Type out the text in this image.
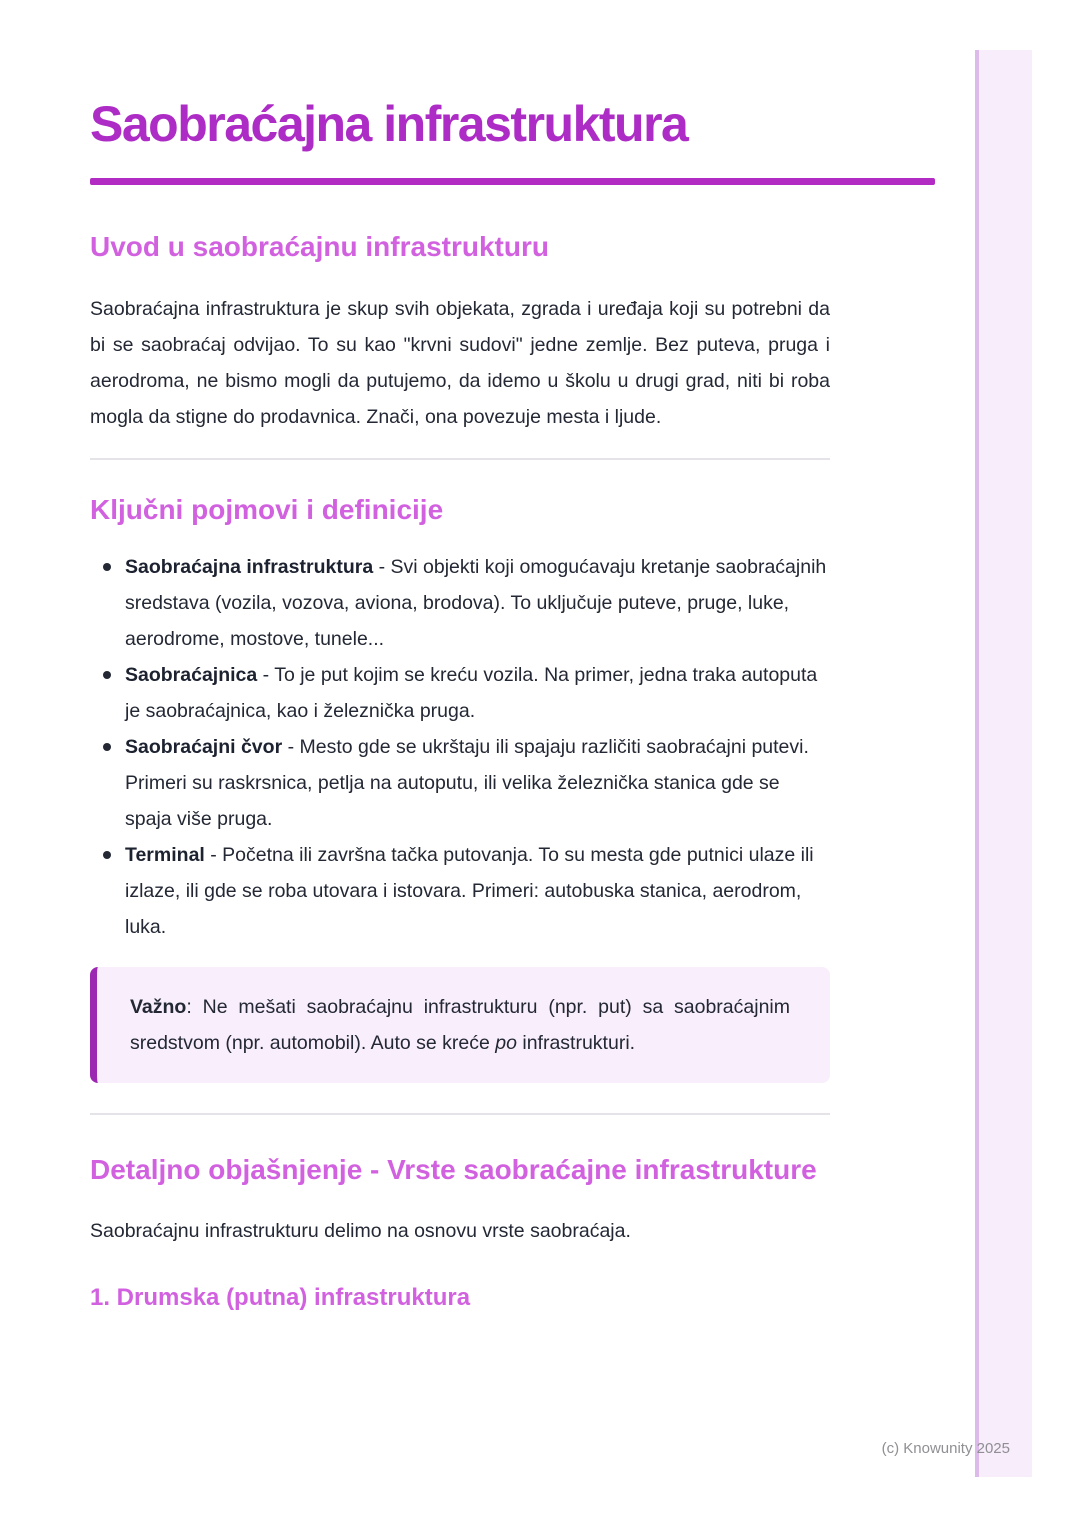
Saobraćajna infrastruktura
Uvod u saobraćajnu infrastrukturu

Saobraćajna infrastruktura je skup svih objekata, zgrada i uređaja koji su potrebni da bi se saobraćaj odvijao. To su kao "krvni sudovi" jedne zemlje. Bez puteva, pruga i aerodroma, ne bismo mogli da putujemo, da idemo u školu u drugi grad, niti bi roba mogla da stigne do prodavnica. Znači, ona povezuje mesta i ljude.

Ključni pojmovi i definicije
Saobraćajna infrastruktura - Svi objekti koji omogućavaju kretanje saobraćajnih sredstava (vozila, vozova, aviona, brodova). To uključuje puteve, pruge, luke, aerodrome, mostove, tunele...
Saobraćajnica - To je put kojim se kreću vozila. Na primer, jedna traka autoputa je saobraćajnica, kao i železnička pruga.
Saobraćajni čvor - Mesto gde se ukrštaju ili spajaju različiti saobraćajni putevi. Primeri su raskrsnica, petlja na autoputu, ili velika železnička stanica gde se spaja više pruga.
Terminal - Početna ili završna tačka putovanja. To su mesta gde putnici ulaze ili izlaze, ili gde se roba utovara i istovara. Primeri: autobuska stanica, aerodrom, luka.

Važno: Ne mešati saobraćajnu infrastrukturu (npr. put) sa saobraćajnim sredstvom (npr. automobil). Auto se kreće po infrastrukturi.

Detaljno objašnjenje - Vrste saobraćajne infrastrukture

Saobraćajnu infrastrukturu delimo na osnovu vrste saobraćaja.

1. Drumska (putna) infrastruktura
(c) Knowunity 2025
